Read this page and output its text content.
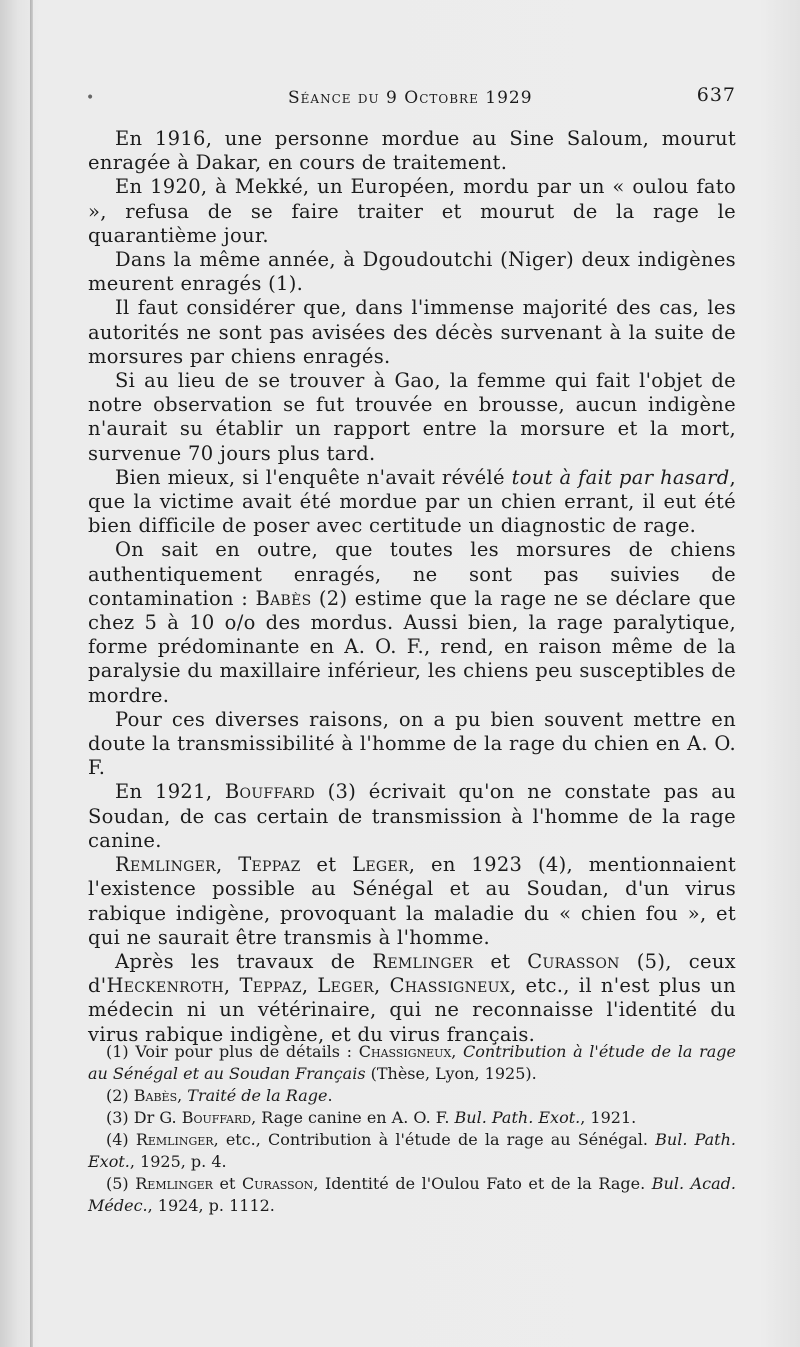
•	Séance du 9 Octobre 1929	637

En 1916, une personne mordue au Sine Saloum, mourut enragée à Dakar, en cours de traitement.

En 1920, à Mekké, un Européen, mordu par un « oulou fato », refusa de se faire traiter et mourut de la rage le quarantième jour.

Dans la même année, à Dgoudoutchi (Niger) deux indigènes meurent enragés (1).

Il faut considérer que, dans l'immense majorité des cas, les autorités ne sont pas avisées des décès survenant à la suite de morsures par chiens enragés.

Si au lieu de se trouver à Gao, la femme qui fait l'objet de notre observation se fut trouvée en brousse, aucun indigène n'aurait su établir un rapport entre la morsure et la mort, survenue 70 jours plus tard.

Bien mieux, si l'enquête n'avait révélé tout à fait par hasard, que la victime avait été mordue par un chien errant, il eut été bien difficile de poser avec certitude un diagnostic de rage.

On sait en outre, que toutes les morsures de chiens authentiquement enragés, ne sont pas suivies de contamination : Babès (2) estime que la rage ne se déclare que chez 5 à 10 o/o des mordus. Aussi bien, la rage paralytique, forme prédominante en A. O. F., rend, en raison même de la paralysie du maxillaire inférieur, les chiens peu susceptibles de mordre.

Pour ces diverses raisons, on a pu bien souvent mettre en doute la transmissibilité à l'homme de la rage du chien en A. O. F.

En 1921, Bouffard (3) écrivait qu'on ne constate pas au Soudan, de cas certain de transmission à l'homme de la rage canine.

Remlinger, Teppaz et Leger, en 1923 (4), mentionnaient l'existence possible au Sénégal et au Soudan, d'un virus rabique indigène, provoquant la maladie du « chien fou », et qui ne saurait être transmis à l'homme.

Après les travaux de Remlinger et Curasson (5), ceux d'Heckenroth, Teppaz, Leger, Chassigneux, etc., il n'est plus un médecin ni un vétérinaire, qui ne reconnaisse l'identité du virus rabique indigène, et du virus français.

(1) Voir pour plus de détails : Chassigneux, Contribution à l'étude de la rage au Sénégal et au Soudan Français (Thèse, Lyon, 1925).

(2) Babès, Traité de la Rage.

(3) Dr G. Bouffard, Rage canine en A. O. F. Bul. Path. Exot., 1921.

(4) Remlinger, etc., Contribution à l'étude de la rage au Sénégal. Bul. Path. Exot., 1925, p. 4.

(5) Remlinger et Curasson, Identité de l'Oulou Fato et de la Rage. Bul. Acad. Médec., 1924, p. 1112.
